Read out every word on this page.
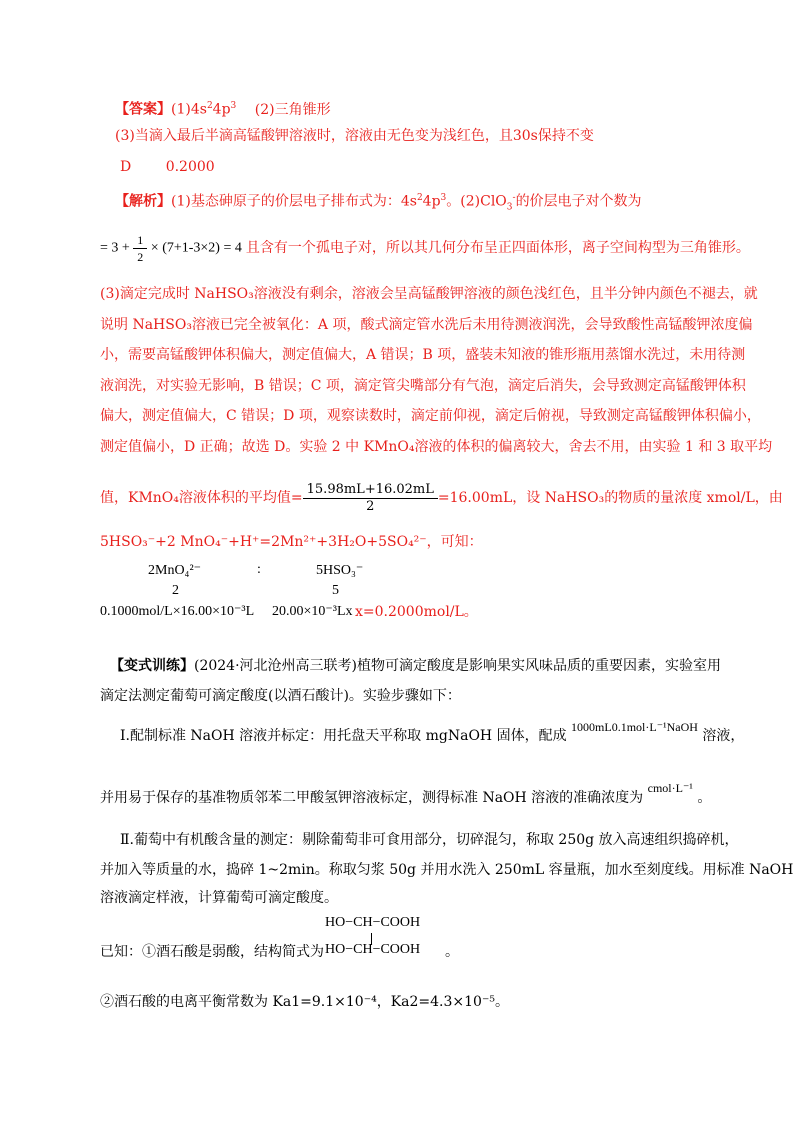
【答案】$(1)4s^24p^3$ (2)三角锥形
(3)当滴入最后半滴高锰酸钾溶液时，溶液由无色变为浅红色，且30s保持不变
D 0.2000
【解析】(1)基态砷原子的价层电子排布式为：$4s^24p^3$。(2)ClO$_3$-的价层电子对个数为
= $3 + \frac{1}{2} \times (7+1-3\times 2) = 4$ 且含有一个孤电子对，所以其几何分布呈正四面体形，离子空间构型为三角锥形。
(3)滴定完成时 NaHSO₃溶液没有剩余，溶液会呈高锰酸钾溶液的颜色浅红色，且半分钟内颜色不褪去，就
说明 NaHSO₃溶液已完全被氧化：A 项，酸式滴定管水洗后未用待测液润洗，会导致酸性高锰酸钾浓度偏
小，需要高锰酸钾体积偏大，测定值偏大，A 错误；B 项，盛装未知液的锥形瓶用蒸馏水洗过，未用待测
液润洗，对实验无影响，B 错误；C 项，滴定管尖嘴部分有气泡，滴定后消失，会导致测定高锰酸钾体积
偏大，测定值偏大，C 错误；D 项，观察读数时，滴定前仰视，滴定后俯视，导致测定高锰酸钾体积偏小，
测定值偏小，D 正确；故选 D。实验 2 中 KMnO₄溶液的体积的偏离较大，舍去不用，由实验 1 和 3 取平均
值，KMnO₄溶液体积的平均值= $\frac{15.98mL+16.02mL}{2} =16.00mL$，设 NaHSO₃的物质的量浓度 xmol/L，由
5HSO₃⁻+2 MnO₄⁻+H⁺=2Mn²⁺+3H₂O+5SO₄²⁻，可知：
2MnO₄²⁻	:	5HSO₃⁻
2	5
0.1000mol/L×16.00×10⁻³L 20.00×10⁻³Lx x=0.2000mol/L。
【变式训练】(2024·河北沧州高三联考)植物可滴定酸度是影响果实风味品质的重要因素，实验室用
滴定法测定葡萄可滴定酸度(以酒石酸计)。实验步骤如下：
Ⅰ.配制标准 NaOH 溶液并标定：用托盘天平称取 mgNaOH 固体，配成 1000mL0.1mol·L⁻¹NaOH 溶液，
并用易于保存的基准物质邻苯二甲酸氢钾溶液标定，测得标准 NaOH 溶液的准确浓度为 cmol·L⁻¹ 。
Ⅱ.葡萄中有机酸含量的测定：剔除葡萄非可食用部分，切碎混匀，称取 250g 放入高速组织捣碎机，
并加入等质量的水，捣碎 1~2min。称取匀浆 50g 并用水洗入 250mL 容量瓶，加水至刻度线。用标准 NaOH
溶液滴定样液，计算葡萄可滴定酸度。
已知：①酒石酸是弱酸，结构简式为
HO−CH−COOH
HO−CH−COOH 。
②酒石酸的电离平衡常数为 Ka1=9.1×10⁻⁴，Ka2=4.3×10⁻⁵。
